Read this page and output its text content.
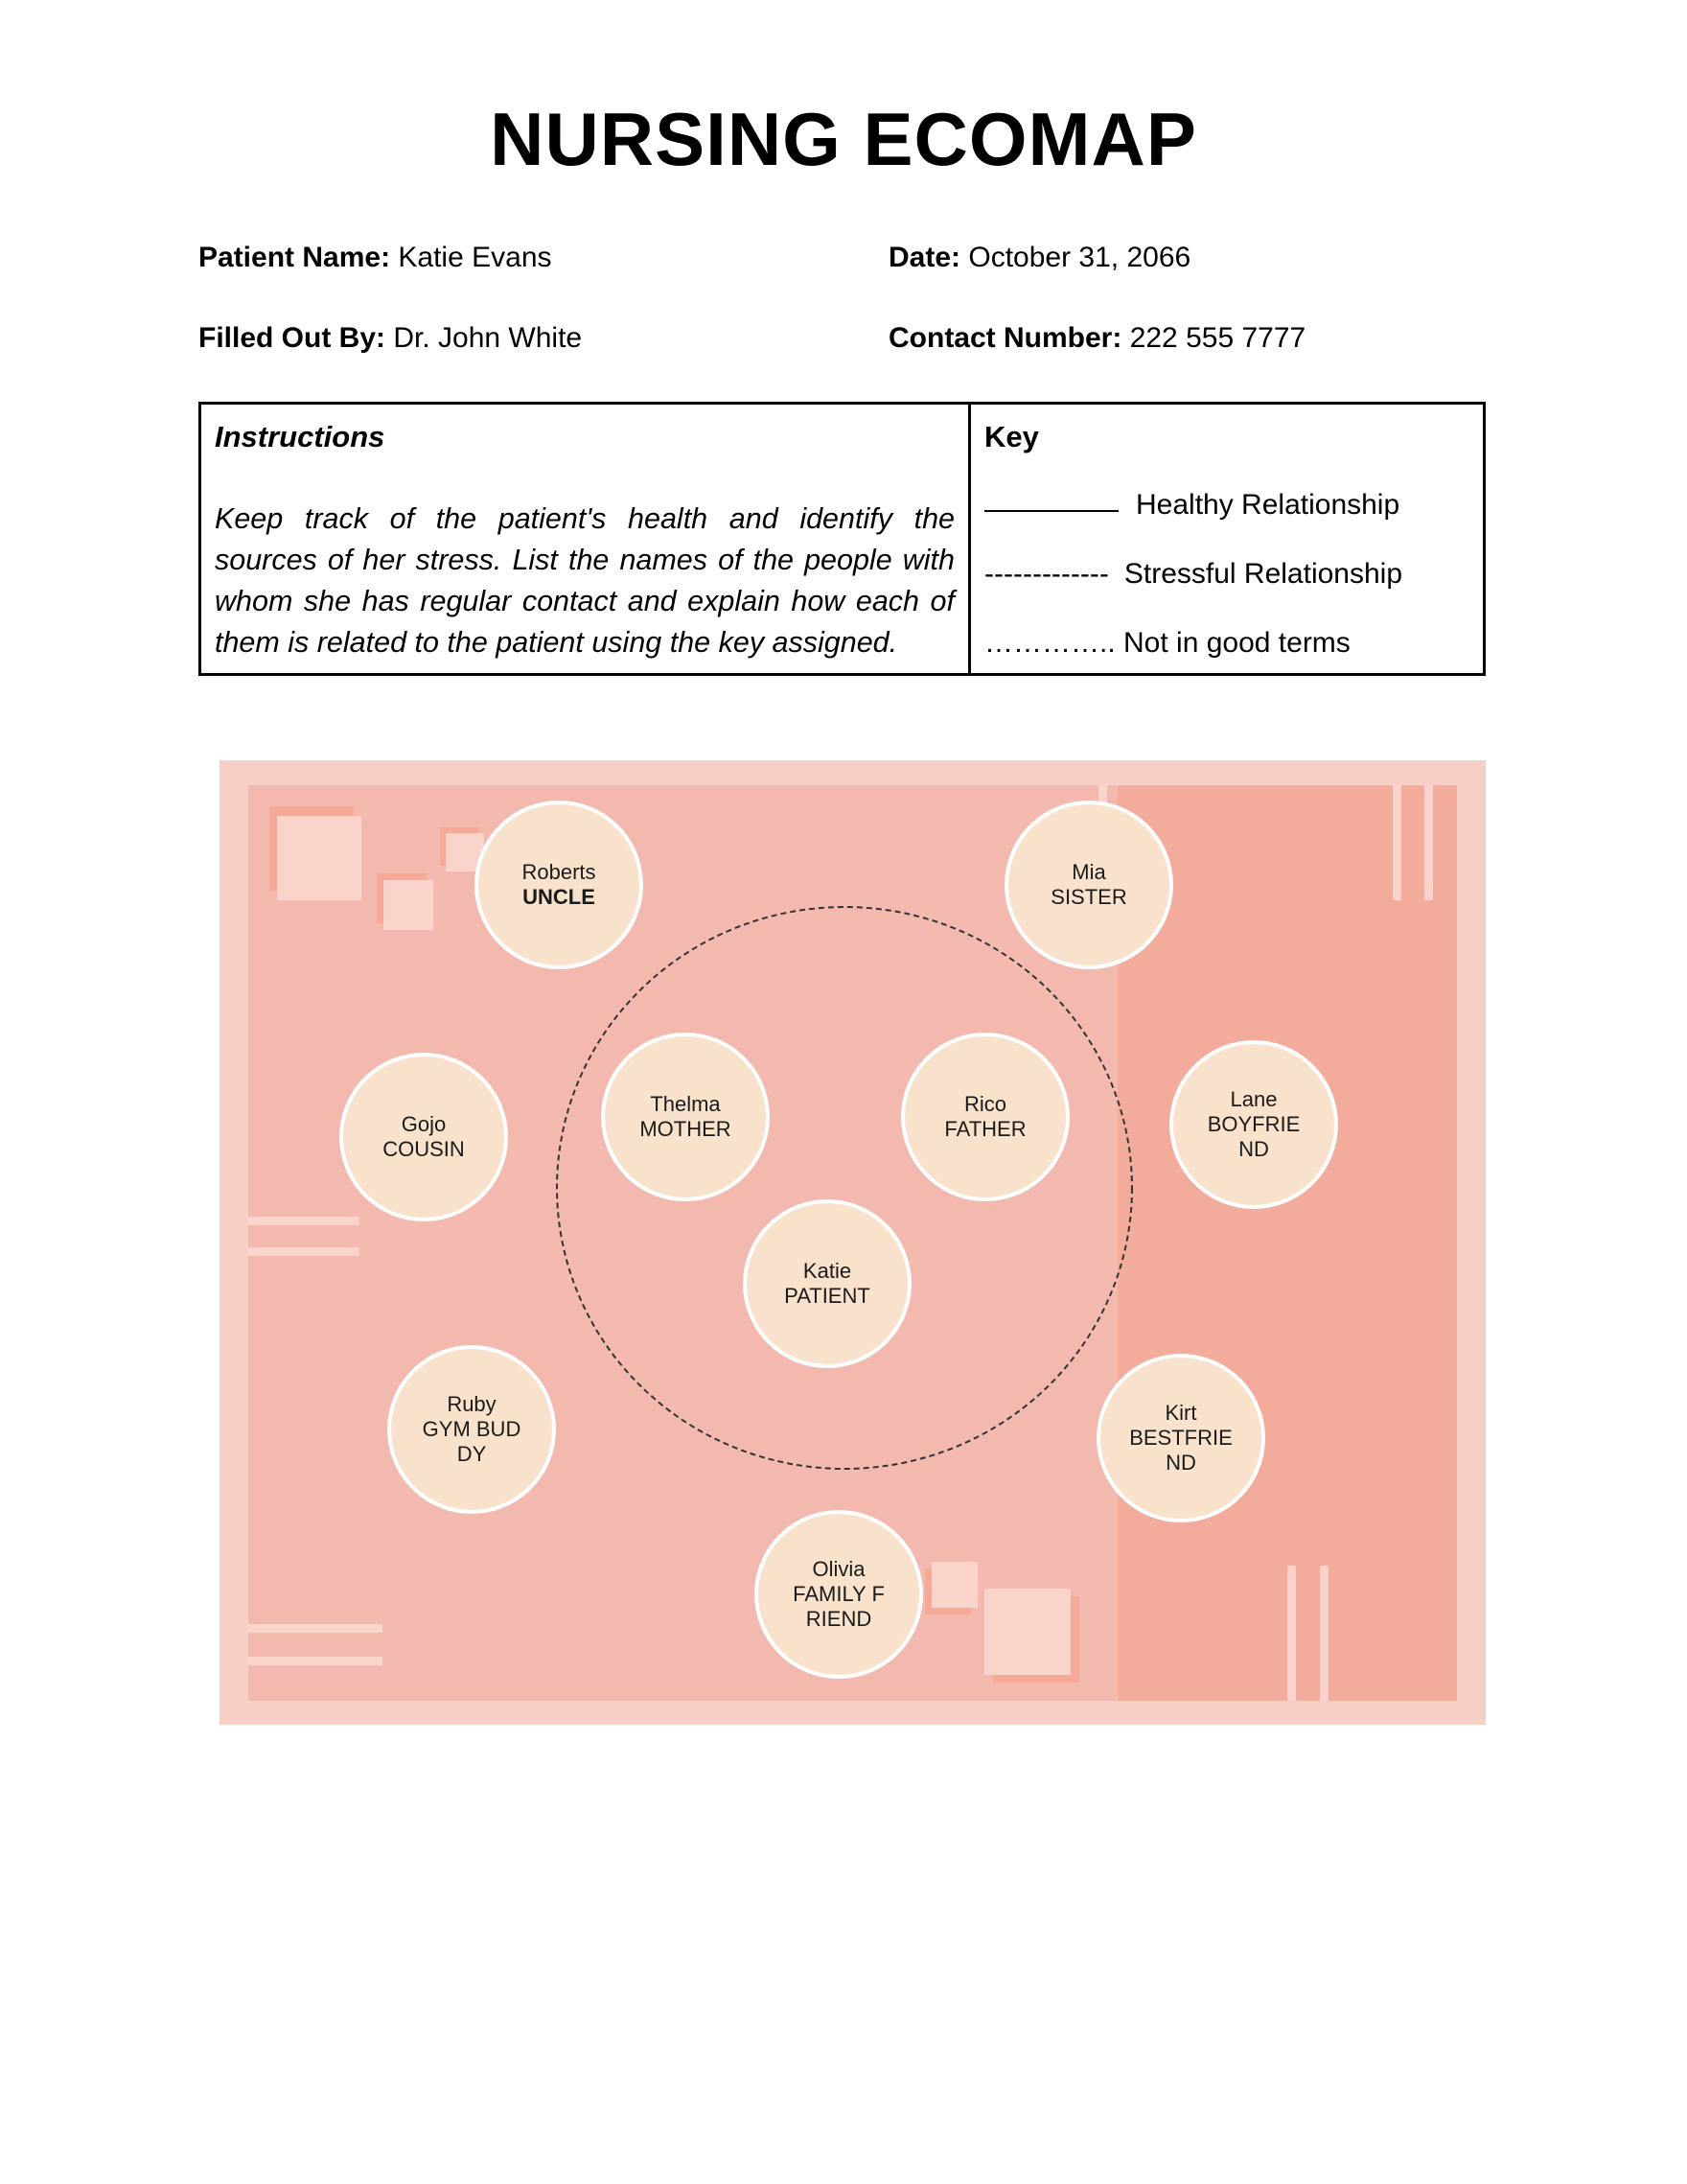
NURSING ECOMAP
Patient Name: Katie Evans	Date: October 31, 2066
Filled Out By: Dr. John White	Contact Number: 222 555 7777
Instructions
Keep track of the patient's health and identify the sources of her stress. List the names of the people with whom she has regular contact and explain how each of them is related to the patient using the key assigned.

Key
Healthy Relationship
------------- Stressful Relationship
………….. Not in good terms
Roberts
UNCLE
Mia
SISTER
Gojo
COUSIN
Thelma
MOTHER
Rico
FATHER
Lane
BOYFRIEND
Katie
PATIENT
Ruby
GYM BUDDY
Kirt
BESTFRIEND
Olivia
FAMILY FRIEND
